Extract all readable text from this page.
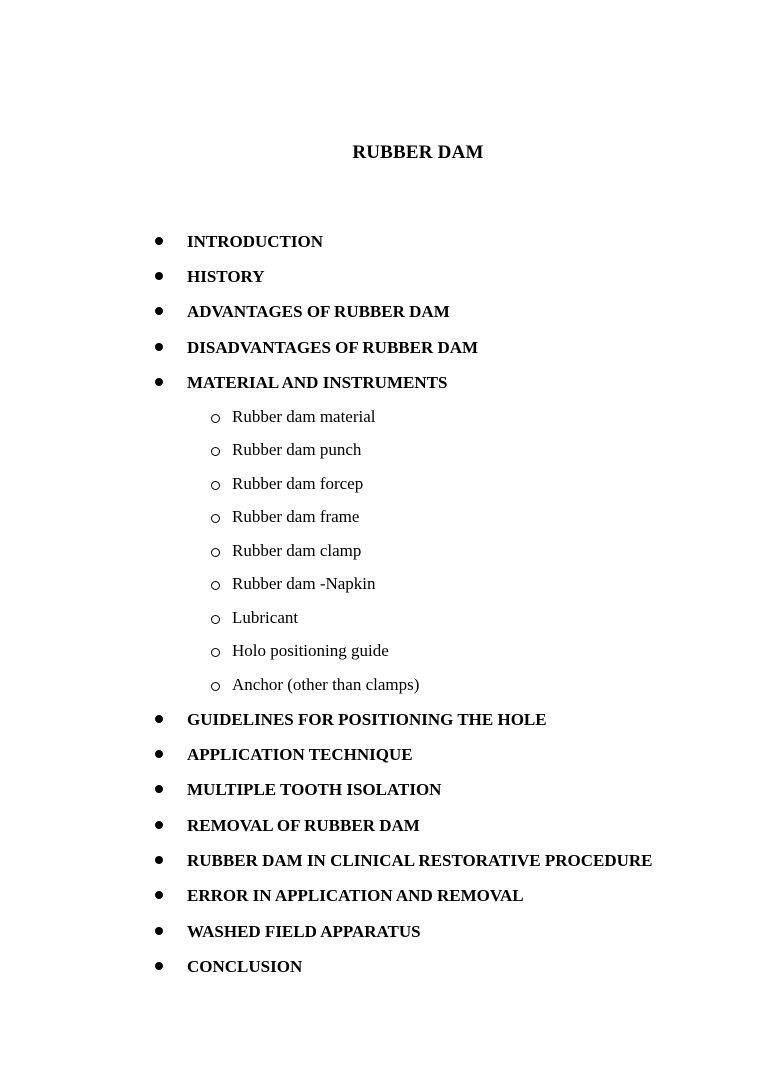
RUBBER DAM
INTRODUCTION
HISTORY
ADVANTAGES OF RUBBER DAM
DISADVANTAGES OF RUBBER DAM
MATERIAL AND INSTRUMENTS
Rubber dam material
Rubber dam punch
Rubber dam forcep
Rubber dam frame
Rubber dam clamp
Rubber dam -Napkin
Lubricant
Holo positioning guide
Anchor (other than clamps)
GUIDELINES FOR POSITIONING THE HOLE
APPLICATION TECHNIQUE
MULTIPLE TOOTH ISOLATION
REMOVAL OF RUBBER DAM
RUBBER DAM IN CLINICAL RESTORATIVE PROCEDURE
ERROR IN APPLICATION AND REMOVAL
WASHED FIELD APPARATUS
CONCLUSION
